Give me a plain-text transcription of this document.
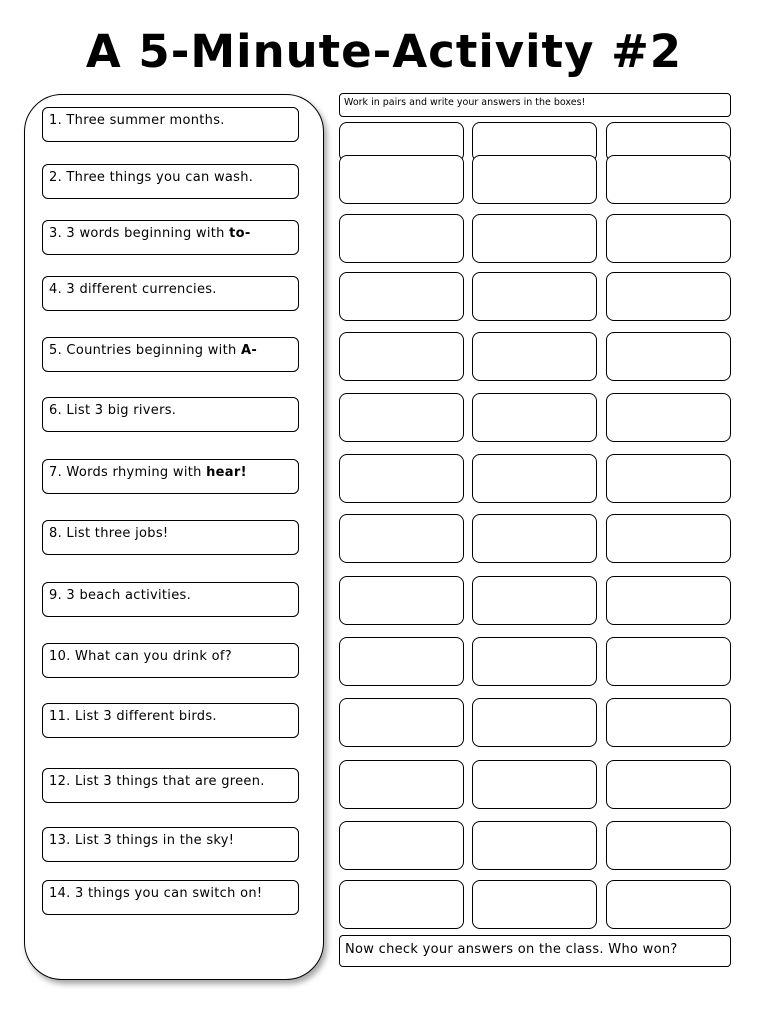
A 5-Minute-Activity #2
1. Three summer months.
2. Three things you can wash.
3. 3 words beginning with to-
4. 3 different currencies.
5. Countries beginning with A-
6. List 3 big rivers.
7. Words rhyming with hear!
8. List three jobs!
9. 3 beach activities.
10. What can you drink of?
11. List 3 different birds.
12. List 3 things that are green.
13. List 3 things in the sky!
14. 3 things you can switch on!
Work in pairs and write your answers in the boxes!
Now check your answers on the class. Who won?
